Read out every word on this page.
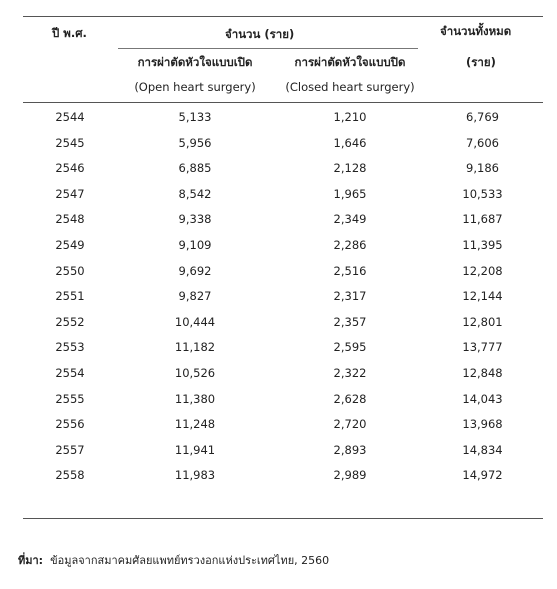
ปี พ.ศ.	จำนวน (ราย)	จำนวนทั้งหมด
(ราย)
การผ่าตัดหัวใจแบบเปิด	การผ่าตัดหัวใจแบบปิด
(Open heart surgery)	(Closed heart surgery)
2544	5,133	1,210	6,769
2545	5,956	1,646	7,606
2546	6,885	2,128	9,186
2547	8,542	1,965	10,533
2548	9,338	2,349	11,687
2549	9,109	2,286	11,395
2550	9,692	2,516	12,208
2551	9,827	2,317	12,144
2552	10,444	2,357	12,801
2553	11,182	2,595	13,777
2554	10,526	2,322	12,848
2555	11,380	2,628	14,043
2556	11,248	2,720	13,968
2557	11,941	2,893	14,834
2558	11,983	2,989	14,972
ที่มา: ข้อมูลจากสมาคมศัลยแพทย์ทรวงอกแห่งประเทศไทย, 2560
